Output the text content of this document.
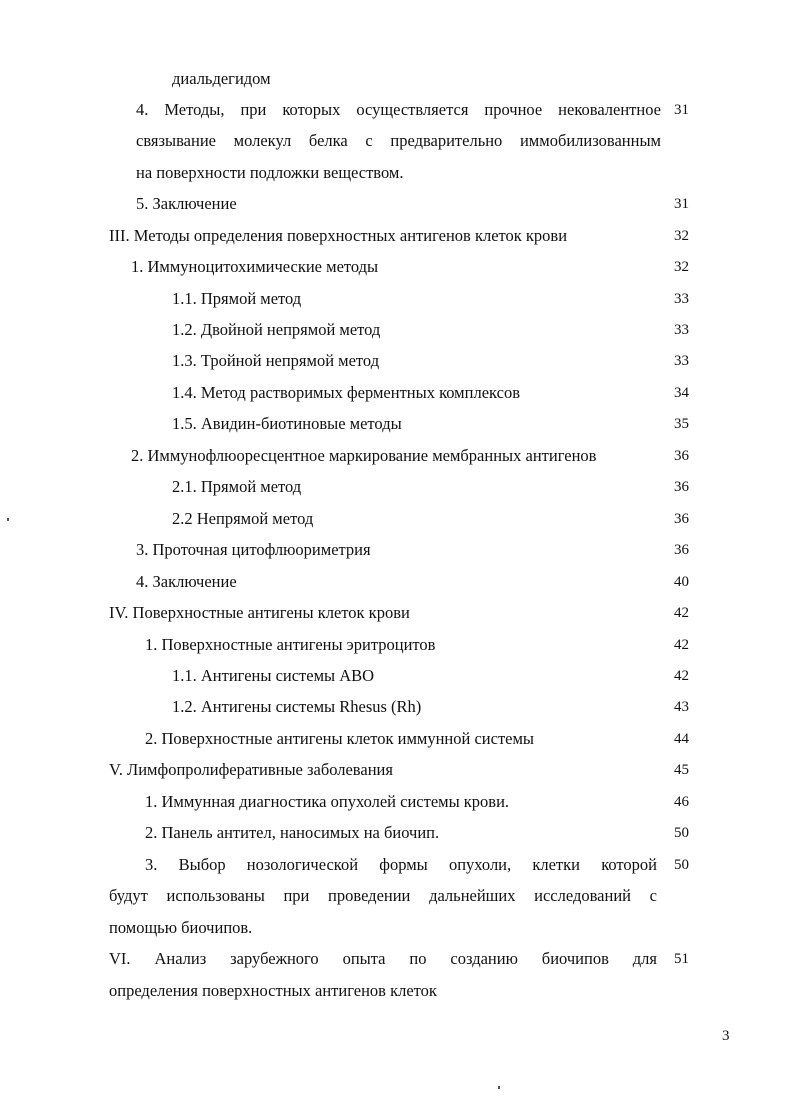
диальдегидом
4. Методы, при которых осуществляется прочное нековалентное 31
связывание молекул белка с предварительно иммобилизованным
на поверхности подложки веществом.
5. Заключение	31
III. Методы определения поверхностных антигенов клеток крови	32
1. Иммуноцитохимические методы	32
1.1. Прямой метод	33
1.2. Двойной непрямой метод	33
1.3. Тройной непрямой метод	33
1.4. Метод растворимых ферментных комплексов	34
1.5. Авидин-биотиновые методы	35
2. Иммунофлюоресцентное маркирование мембранных антигенов	36
2.1. Прямой метод	36
2.2 Непрямой метод	36
3. Проточная цитофлюориметрия	36
4. Заключение	40
IV. Поверхностные антигены клеток крови	42
1. Поверхностные антигены эритроцитов	42
1.1. Антигены системы АВО	42
1.2. Антигены системы Rhesus (Rh)	43
2. Поверхностные антигены клеток иммунной системы	44
V. Лимфопролиферативные заболевания	45
1. Иммунная диагностика опухолей системы крови.	46
2. Панель антител, наносимых на биочип.	50
3. Выбор нозологической формы опухоли, клетки которой	50
будут использованы при проведении дальнейших исследований с
помощью биочипов.
VI. Анализ зарубежного опыта по созданию биочипов для	51
определения поверхностных антигенов клеток
3
